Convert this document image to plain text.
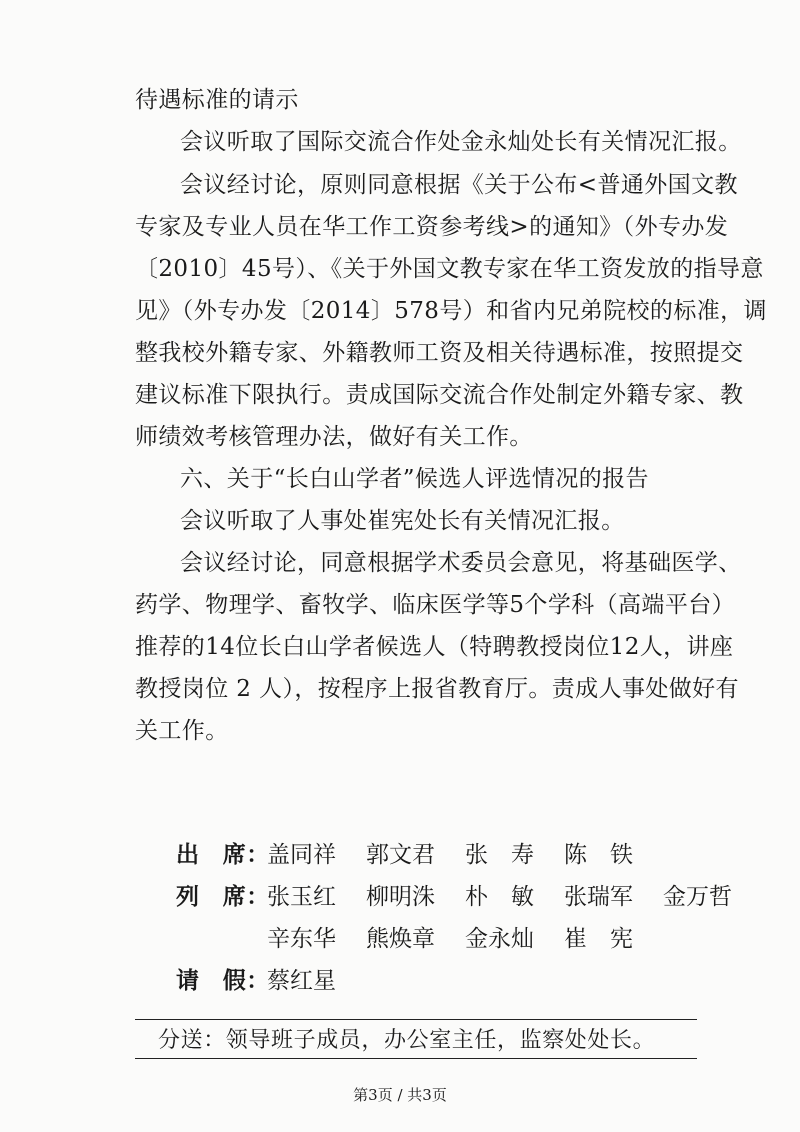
待遇标准的请示
会议听取了国际交流合作处金永灿处长有关情况汇报。
会议经讨论，原则同意根据《关于公布<普通外国文教
专家及专业人员在华工作工资参考线>的通知》（外专办发
〔2010〕45号）、《关于外国文教专家在华工资发放的指导意
见》（外专办发〔2014〕578号）和省内兄弟院校的标准，调
整我校外籍专家、外籍教师工资及相关待遇标准，按照提交
建议标准下限执行。责成国际交流合作处制定外籍专家、教
师绩效考核管理办法，做好有关工作。
六、关于“长白山学者”候选人评选情况的报告
会议听取了人事处崔宪处长有关情况汇报。
会议经讨论，同意根据学术委员会意见，将基础医学、
药学、物理学、畜牧学、临床医学等5个学科（高端平台）
推荐的14位长白山学者候选人（特聘教授岗位12人，讲座
教授岗位 2 人），按程序上报省教育厅。责成人事处做好有
关工作。
出　席：
盖同祥 郭文君 张　寿 陈　铁
列　席：
张玉红 柳明洙 朴　敏 张瑞军 金万哲
辛东华 熊焕章 金永灿 崔　宪
请　假：
蔡红星
分送：领导班子成员，办公室主任，监察处处长。
第3页 / 共3页
